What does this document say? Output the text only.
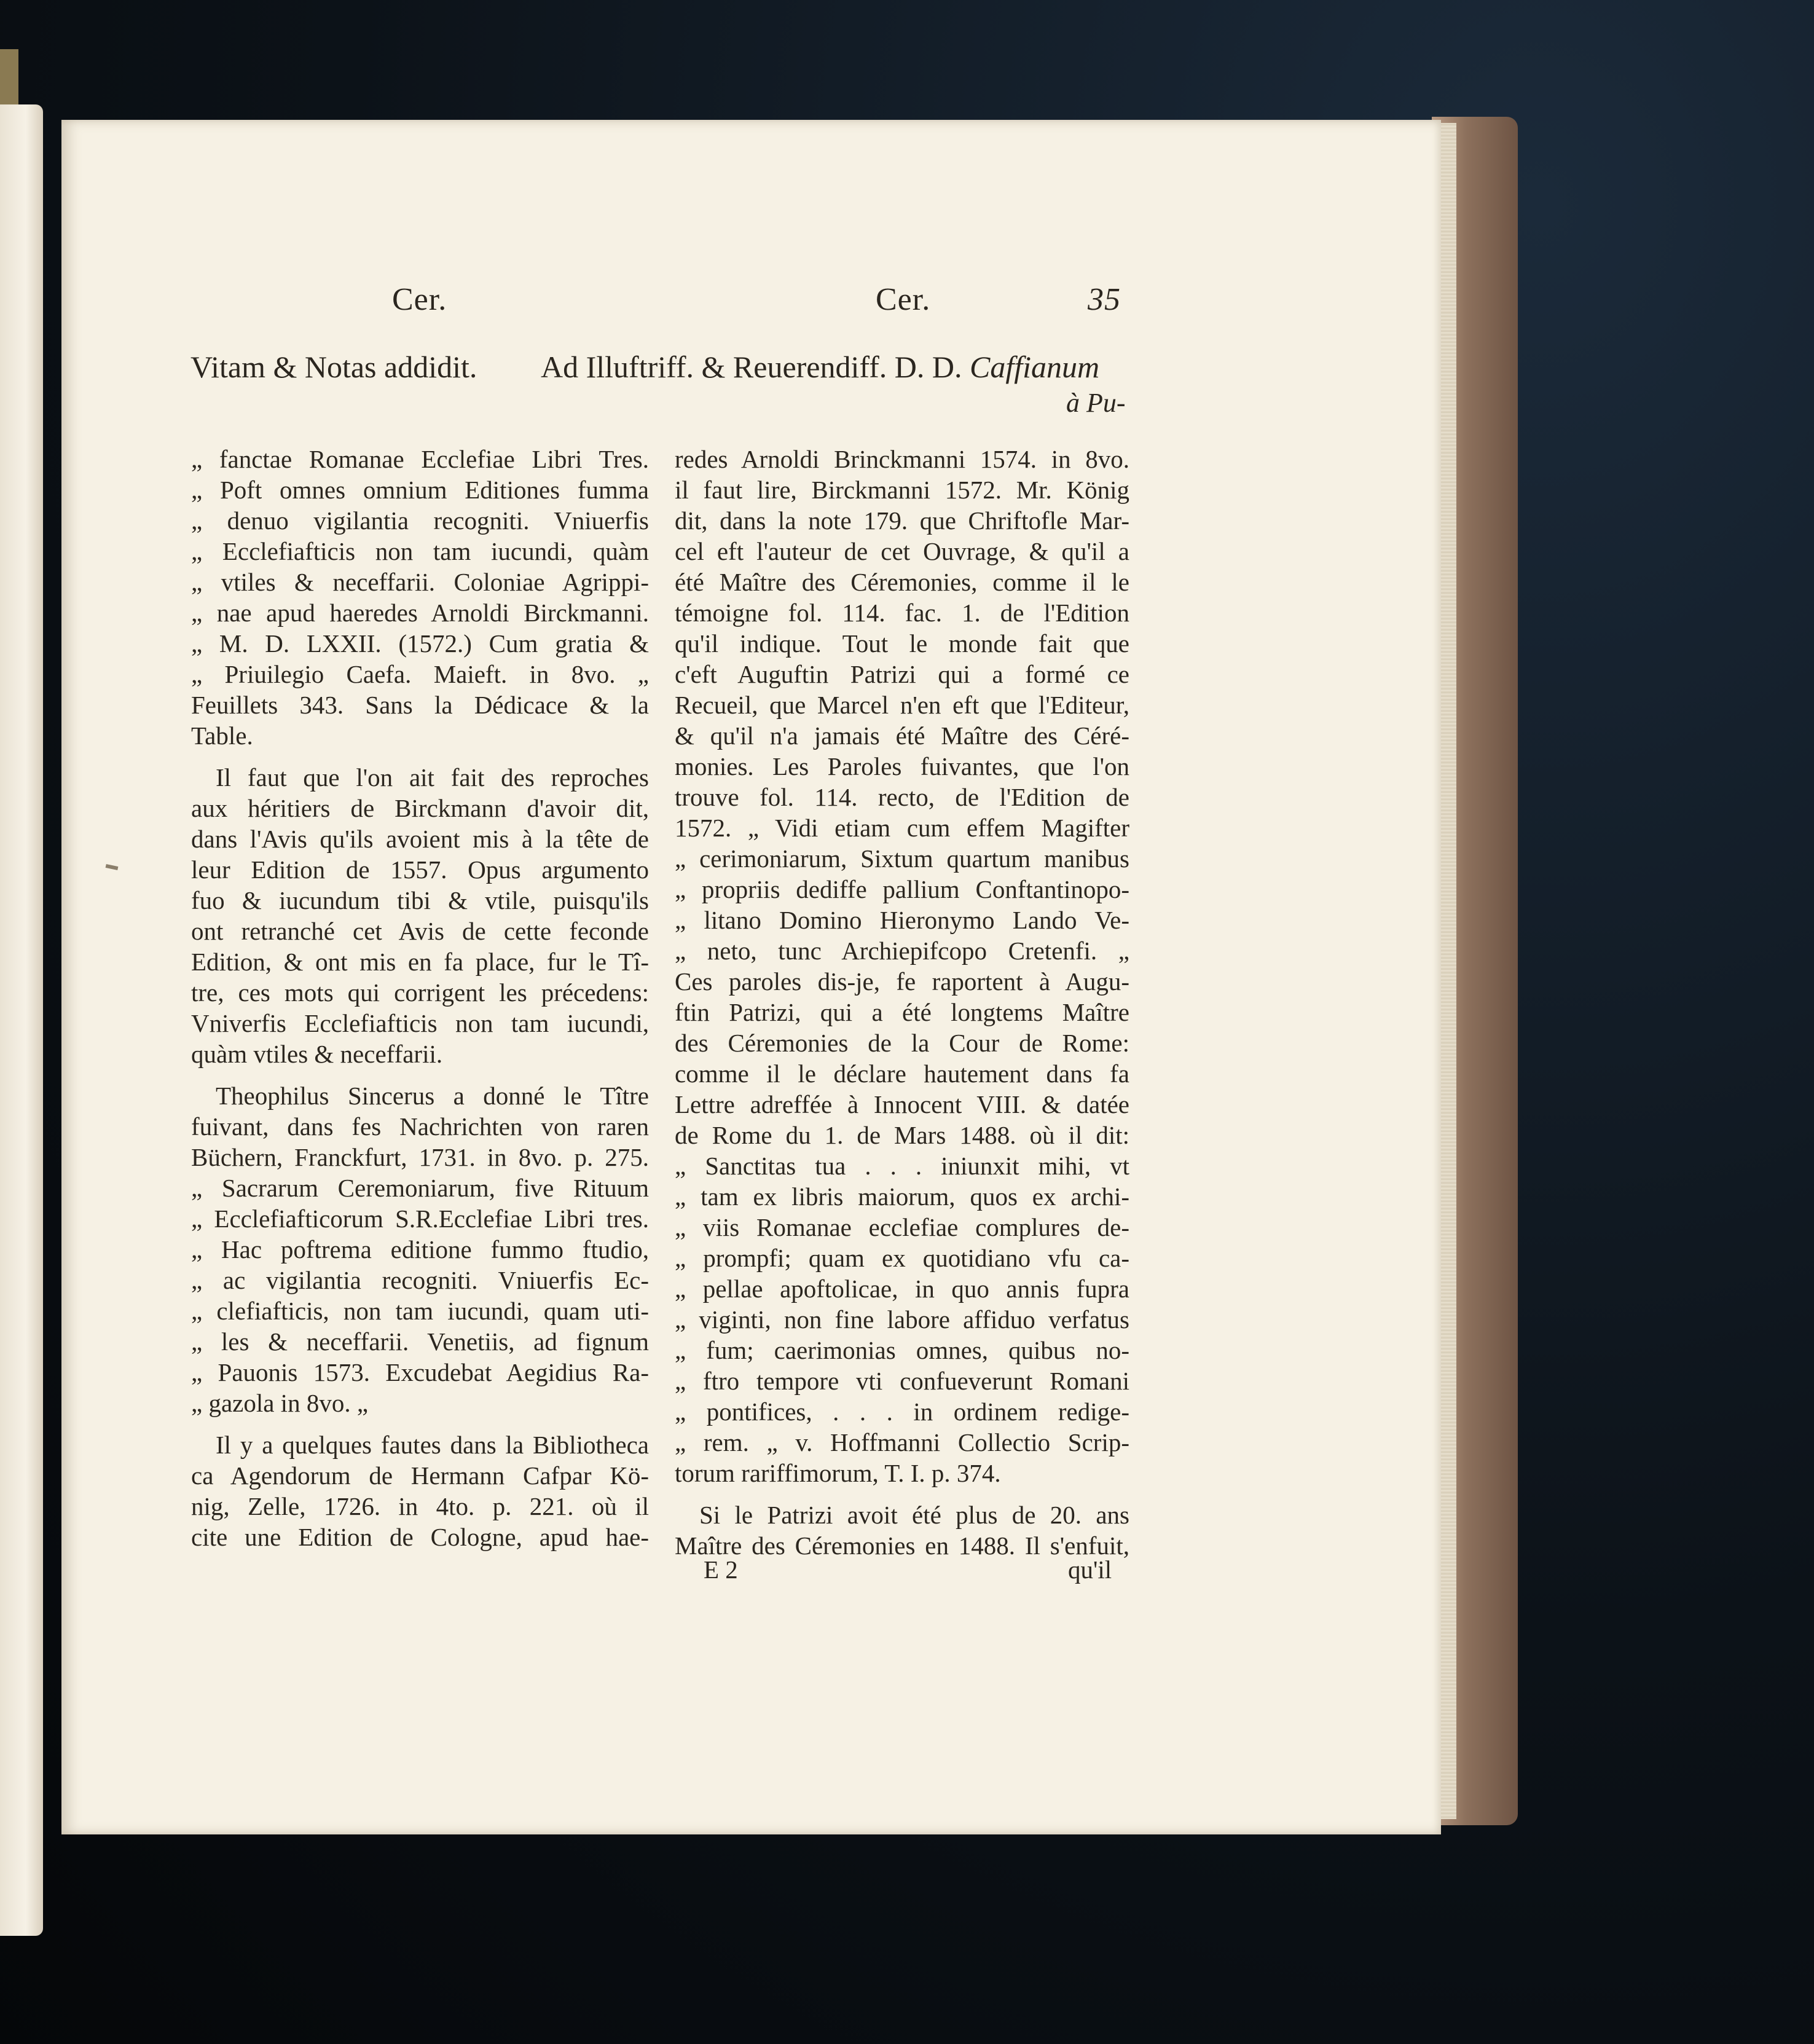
Cer.	Cer.	35
Vitam & Notas addidit. Ad Illuftriff. & Reuerendiff. D. D. Caffianum
à Pu-
„ fanctae Romanae Ecclefiae Libri Tres.
„ Poft omnes omnium Editiones fumma
„ denuo vigilantia recogniti. Vniuerfis
„ Ecclefiafticis non tam iucundi, quàm
„ vtiles & neceffarii. Coloniae Agrippi-
„ nae apud haeredes Arnoldi Birckmanni.
„ M. D. LXXII. (1572.) Cum gratia &
„ Priuilegio Caefa. Maieft. in 8vo. „
Feuillets 343. Sans la Dédicace & la
Table.
Il faut que l'on ait fait des reproches
aux héritiers de Birckmann d'avoir dit,
dans l'Avis qu'ils avoient mis à la tête de
leur Edition de 1557. Opus argumento
fuo & iucundum tibi & vtile, puisqu'ils
ont retranché cet Avis de cette feconde
Edition, & ont mis en fa place, fur le Tî-
tre, ces mots qui corrigent les précedens:
Vniverfis Ecclefiafticis non tam iucundi,
quàm vtiles & neceffarii.
Theophilus Sincerus a donné le Tître
fuivant, dans fes Nachrichten von raren
Büchern, Franckfurt, 1731. in 8vo. p. 275.
„ Sacrarum Ceremoniarum, five Rituum
„ Ecclefiafticorum S.R.Ecclefiae Libri tres.
„ Hac poftrema editione fummo ftudio,
„ ac vigilantia recogniti. Vniuerfis Ec-
„ clefiafticis, non tam iucundi, quam uti-
„ les & neceffarii. Venetiis, ad fignum
„ Pauonis 1573. Excudebat Aegidius Ra-
„ gazola in 8vo. „
Il y a quelques fautes dans la Bibliotheca
ca Agendorum de Hermann Cafpar Kö-
nig, Zelle, 1726. in 4to. p. 221. où il
cite une Edition de Cologne, apud hae-
redes Arnoldi Brinckmanni 1574. in 8vo.
il faut lire, Birckmanni 1572. Mr. König
dit, dans la note 179. que Chriftofle Mar-
cel eft l'auteur de cet Ouvrage, & qu'il a
été Maître des Céremonies, comme il le
témoigne fol. 114. fac. 1. de l'Edition
qu'il indique. Tout le monde fait que
c'eft Auguftin Patrizi qui a formé ce
Recueil, que Marcel n'en eft que l'Editeur,
& qu'il n'a jamais été Maître des Céré-
monies. Les Paroles fuivantes, que l'on
trouve fol. 114. recto, de l'Edition de
1572. „ Vidi etiam cum effem Magifter
„ cerimoniarum, Sixtum quartum manibus
„ propriis dediffe pallium Conftantinopo-
„ litano Domino Hieronymo Lando Ve-
„ neto, tunc Archiepifcopo Cretenfi. „
Ces paroles dis-je, fe raportent à Augu-
ftin Patrizi, qui a été longtems Maître
des Céremonies de la Cour de Rome:
comme il le déclare hautement dans fa
Lettre adreffée à Innocent VIII. & datée
de Rome du 1. de Mars 1488. où il dit:
„ Sanctitas tua . . . iniunxit mihi, vt
„ tam ex libris maiorum, quos ex archi-
„ viis Romanae ecclefiae complures de-
„ prompfi; quam ex quotidiano vfu ca-
„ pellae apoftolicae, in quo annis fupra
„ viginti, non fine labore affiduo verfatus
„ fum; caerimonias omnes, quibus no-
„ ftro tempore vti confueverunt Romani
„ pontifices, . . . in ordinem redige-
„ rem. „ v. Hoffmanni Collectio Scrip-
torum rariffimorum, T. I. p. 374.
Si le Patrizi avoit été plus de 20. ans
Maître des Céremonies en 1488. Il s'enfuit,
E 2	qu'il
